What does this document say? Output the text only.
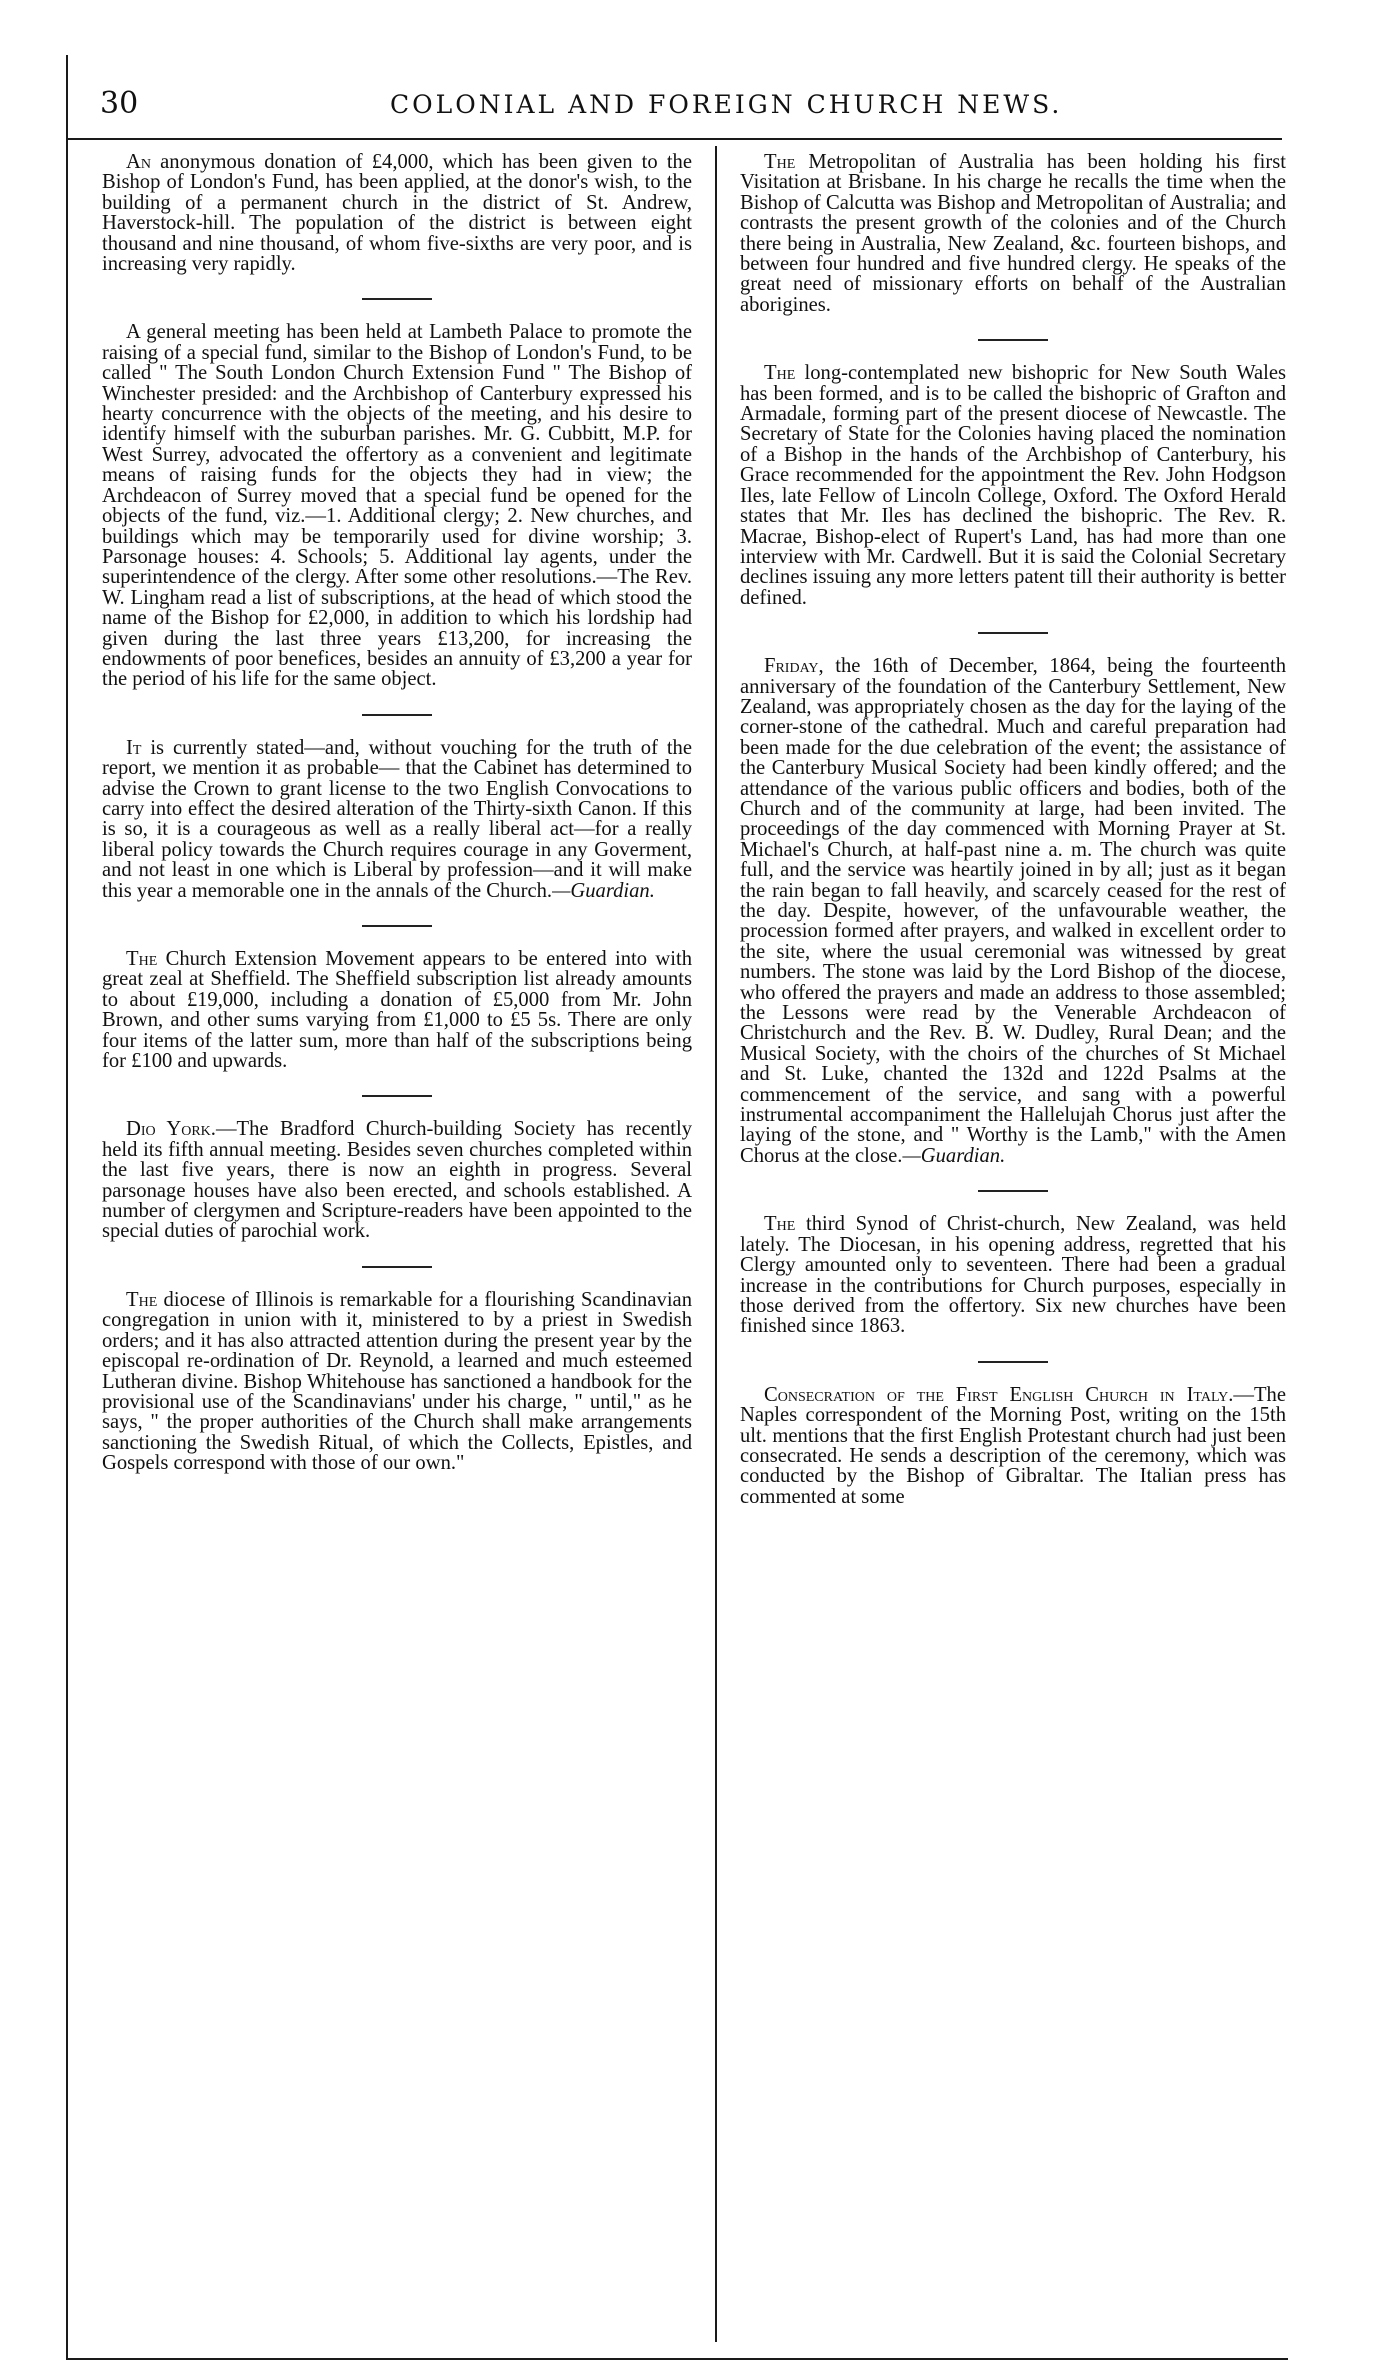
30	COLONIAL AND FOREIGN CHURCH NEWS.

An anonymous donation of £4,000, which has been given to the Bishop of London's Fund, has been applied, at the donor's wish, to the building of a permanent church in the district of St. Andrew, Haverstock-hill. The population of the district is between eight thousand and nine thousand, of whom five-sixths are very poor, and is increasing very rapidly.

A general meeting has been held at Lambeth Palace to promote the raising of a special fund, similar to the Bishop of London's Fund, to be called " The South London Church Extension Fund " The Bishop of Winchester presided: and the Archbishop of Canterbury expressed his hearty concurrence with the objects of the meeting, and his desire to identify himself with the suburban parishes. Mr. G. Cubbitt, M.P. for West Surrey, advocated the offertory as a convenient and legitimate means of raising funds for the objects they had in view; the Archdeacon of Surrey moved that a special fund be opened for the objects of the fund, viz.—1. Additional clergy; 2. New churches, and buildings which may be temporarily used for divine worship; 3. Parsonage houses: 4. Schools; 5. Additional lay agents, under the superintendence of the clergy. After some other resolutions.—The Rev. W. Lingham read a list of subscriptions, at the head of which stood the name of the Bishop for £2,000, in addition to which his lordship had given during the last three years £13,200, for increasing the endowments of poor benefices, besides an annuity of £3,200 a year for the period of his life for the same object.

It is currently stated—and, without vouching for the truth of the report, we mention it as probable— that the Cabinet has determined to advise the Crown to grant license to the two English Convocations to carry into effect the desired alteration of the Thirty-sixth Canon. If this is so, it is a courageous as well as a really liberal act—for a really liberal policy towards the Church requires courage in any Goverment, and not least in one which is Liberal by profession—and it will make this year a memorable one in the annals of the Church.—Guardian.

The Church Extension Movement appears to be entered into with great zeal at Sheffield. The Sheffield subscription list already amounts to about £19,000, including a donation of £5,000 from Mr. John Brown, and other sums varying from £1,000 to £5 5s. There are only four items of the latter sum, more than half of the subscriptions being for £100 and upwards.

Dio York.—The Bradford Church-building Society has recently held its fifth annual meeting. Besides seven churches completed within the last five years, there is now an eighth in progress. Several parsonage houses have also been erected, and schools established. A number of clergymen and Scripture-readers have been appointed to the special duties of parochial work.

The diocese of Illinois is remarkable for a flourishing Scandinavian congregation in union with it, ministered to by a priest in Swedish orders; and it has also attracted attention during the present year by the episcopal re-ordination of Dr. Reynold, a learned and much esteemed Lutheran divine. Bishop Whitehouse has sanctioned a handbook for the provisional use of the Scandinavians' under his charge, " until," as he says, " the proper authorities of the Church shall make arrangements sanctioning the Swedish Ritual, of which the Collects, Epistles, and Gospels correspond with those of our own."

The Metropolitan of Australia has been holding his first Visitation at Brisbane. In his charge he recalls the time when the Bishop of Calcutta was Bishop and Metropolitan of Australia; and contrasts the present growth of the colonies and of the Church there being in Australia, New Zealand, &c. fourteen bishops, and between four hundred and five hundred clergy. He speaks of the great need of missionary efforts on behalf of the Australian aborigines.

The long-contemplated new bishopric for New South Wales has been formed, and is to be called the bishopric of Grafton and Armadale, forming part of the present diocese of Newcastle. The Secretary of State for the Colonies having placed the nomination of a Bishop in the hands of the Archbishop of Canterbury, his Grace recommended for the appointment the Rev. John Hodgson Iles, late Fellow of Lincoln College, Oxford. The Oxford Herald states that Mr. Iles has declined the bishopric. The Rev. R. Macrae, Bishop-elect of Rupert's Land, has had more than one interview with Mr. Cardwell. But it is said the Colonial Secretary declines issuing any more letters patent till their authority is better defined.

Friday, the 16th of December, 1864, being the fourteenth anniversary of the foundation of the Canterbury Settlement, New Zealand, was appropriately chosen as the day for the laying of the corner-stone of the cathedral. Much and careful preparation had been made for the due celebration of the event; the assistance of the Canterbury Musical Society had been kindly offered; and the attendance of the various public officers and bodies, both of the Church and of the community at large, had been invited. The proceedings of the day commenced with Morning Prayer at St. Michael's Church, at half-past nine a. m. The church was quite full, and the service was heartily joined in by all; just as it began the rain began to fall heavily, and scarcely ceased for the rest of the day. Despite, however, of the unfavourable weather, the procession formed after prayers, and walked in excellent order to the site, where the usual ceremonial was witnessed by great numbers. The stone was laid by the Lord Bishop of the diocese, who offered the prayers and made an address to those assembled; the Lessons were read by the Venerable Archdeacon of Christchurch and the Rev. B. W. Dudley, Rural Dean; and the Musical Society, with the choirs of the churches of St Michael and St. Luke, chanted the 132d and 122d Psalms at the commencement of the service, and sang with a powerful instrumental accompaniment the Hallelujah Chorus just after the laying of the stone, and " Worthy is the Lamb," with the Amen Chorus at the close.—Guardian.

The third Synod of Christ-church, New Zealand, was held lately. The Diocesan, in his opening address, regretted that his Clergy amounted only to seventeen. There had been a gradual increase in the contributions for Church purposes, especially in those derived from the offertory. Six new churches have been finished since 1863.

Consecration of the First English Church in Italy.—The Naples correspondent of the Morning Post, writing on the 15th ult. mentions that the first English Protestant church had just been consecrated. He sends a description of the ceremony, which was conducted by the Bishop of Gibraltar. The Italian press has commented at some
